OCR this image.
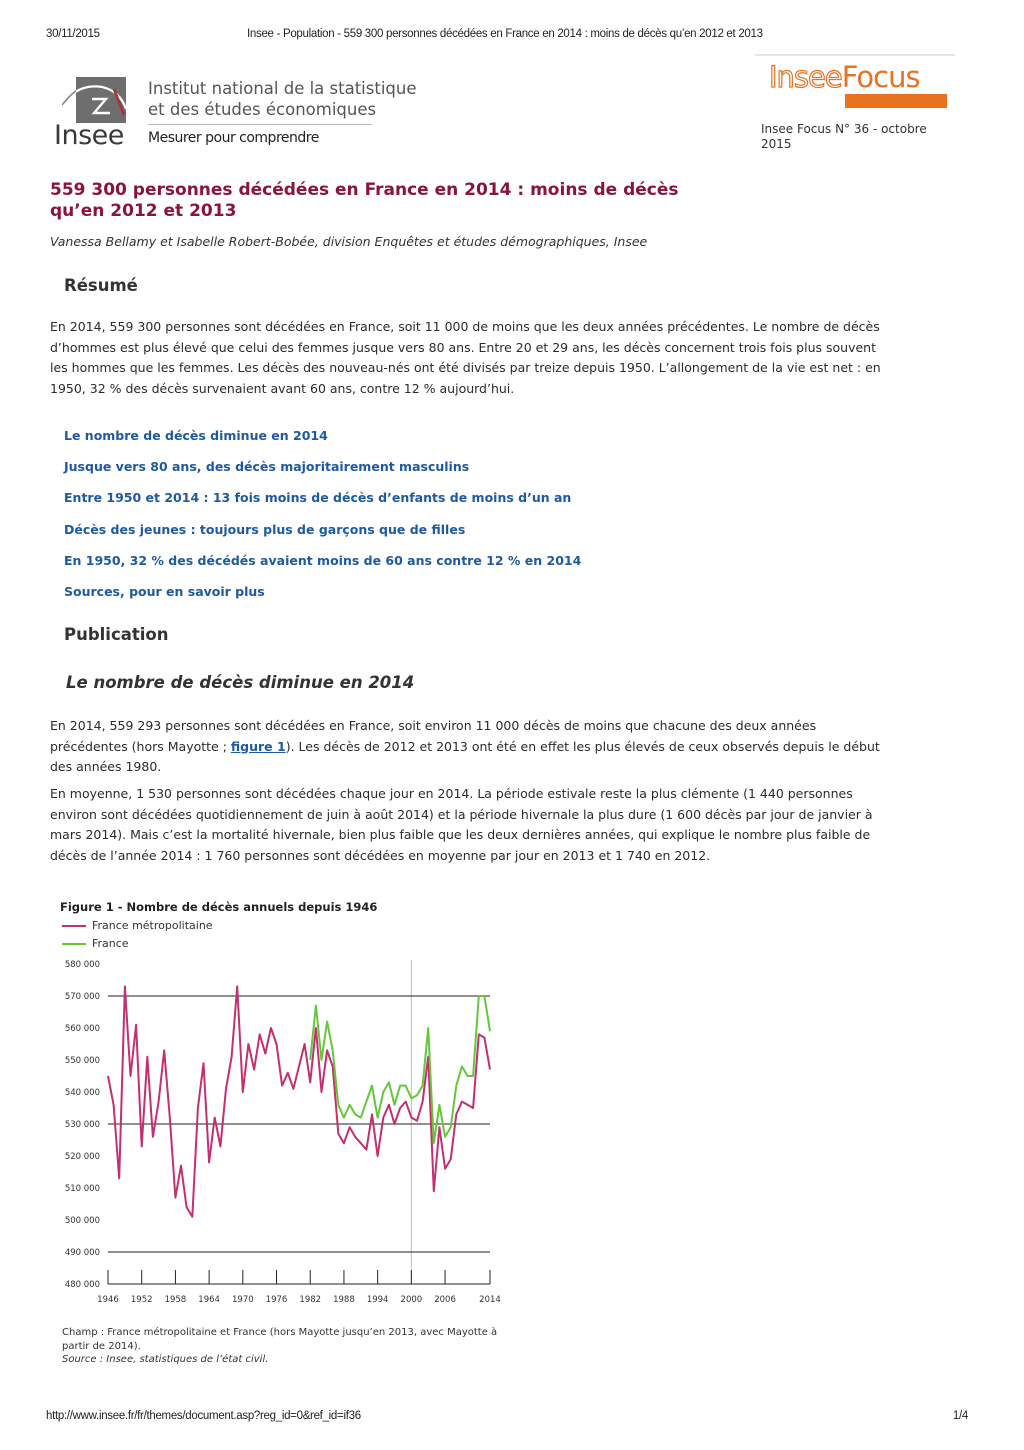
30/11/2015	Insee - Population - 559 300 personnes décédées en France en 2014 : moins de décès qu’en 2012 et 2013
Insee
Institut national de la statistique
et des études économiques
Mesurer pour comprendre
InseeFocus
Insee Focus N° 36 - octobre 2015
559 300 personnes décédées en France en 2014 : moins de décès qu’en 2012 et 2013
Vanessa Bellamy et Isabelle Robert-Bobée, division Enquêtes et études démographiques, Insee
Résumé

En 2014, 559 300 personnes sont décédées en France, soit 11 000 de moins que les deux années précédentes. Le nombre de décès d’hommes est plus élevé que celui des femmes jusque vers 80 ans. Entre 20 et 29 ans, les décès concernent trois fois plus souvent les hommes que les femmes. Les décès des nouveau-nés ont été divisés par treize depuis 1950. L’allongement de la vie est net : en 1950, 32 % des décès survenaient avant 60 ans, contre 12 % aujourd’hui.

Le nombre de décès diminue en 2014
Jusque vers 80 ans, des décès majoritairement masculins
Entre 1950 et 2014 : 13 fois moins de décès d’enfants de moins d’un an
Décès des jeunes : toujours plus de garçons que de filles
En 1950, 32 % des décédés avaient moins de 60 ans contre 12 % en 2014
Sources, pour en savoir plus
Publication
Le nombre de décès diminue en 2014

En 2014, 559 293 personnes sont décédées en France, soit environ 11 000 décès de moins que chacune des deux années précédentes (hors Mayotte ; figure 1). Les décès de 2012 et 2013 ont été en effet les plus élevés de ceux observés depuis le début des années 1980.

En moyenne, 1 530 personnes sont décédées chaque jour en 2014. La période estivale reste la plus clémente (1 440 personnes environ sont décédées quotidiennement de juin à août 2014) et la période hivernale la plus dure (1 600 décès par jour de janvier à mars 2014). Mais c’est la mortalité hivernale, bien plus faible que les deux dernières années, qui explique le nombre plus faible de décès de l’année 2014 : 1 760 personnes sont décédées en moyenne par jour en 2013 et 1 740 en 2012.

Figure 1 - Nombre de décès annuels depuis 1946
France métropolitaine
France
480 000
490 000
500 000
510 000
520 000
530 000
540 000
550 000
560 000
570 000
580 000
1946 1952 1958 1964 1970 1976 1982 1988 1994 2000 2006	2014
Champ : France métropolitaine et France (hors Mayotte jusqu’en 2013, avec Mayotte à partir de 2014).
Source : Insee, statistiques de l’état civil.
http://www.insee.fr/fr/themes/document.asp?reg_id=0&ref_id=if36	1/4
